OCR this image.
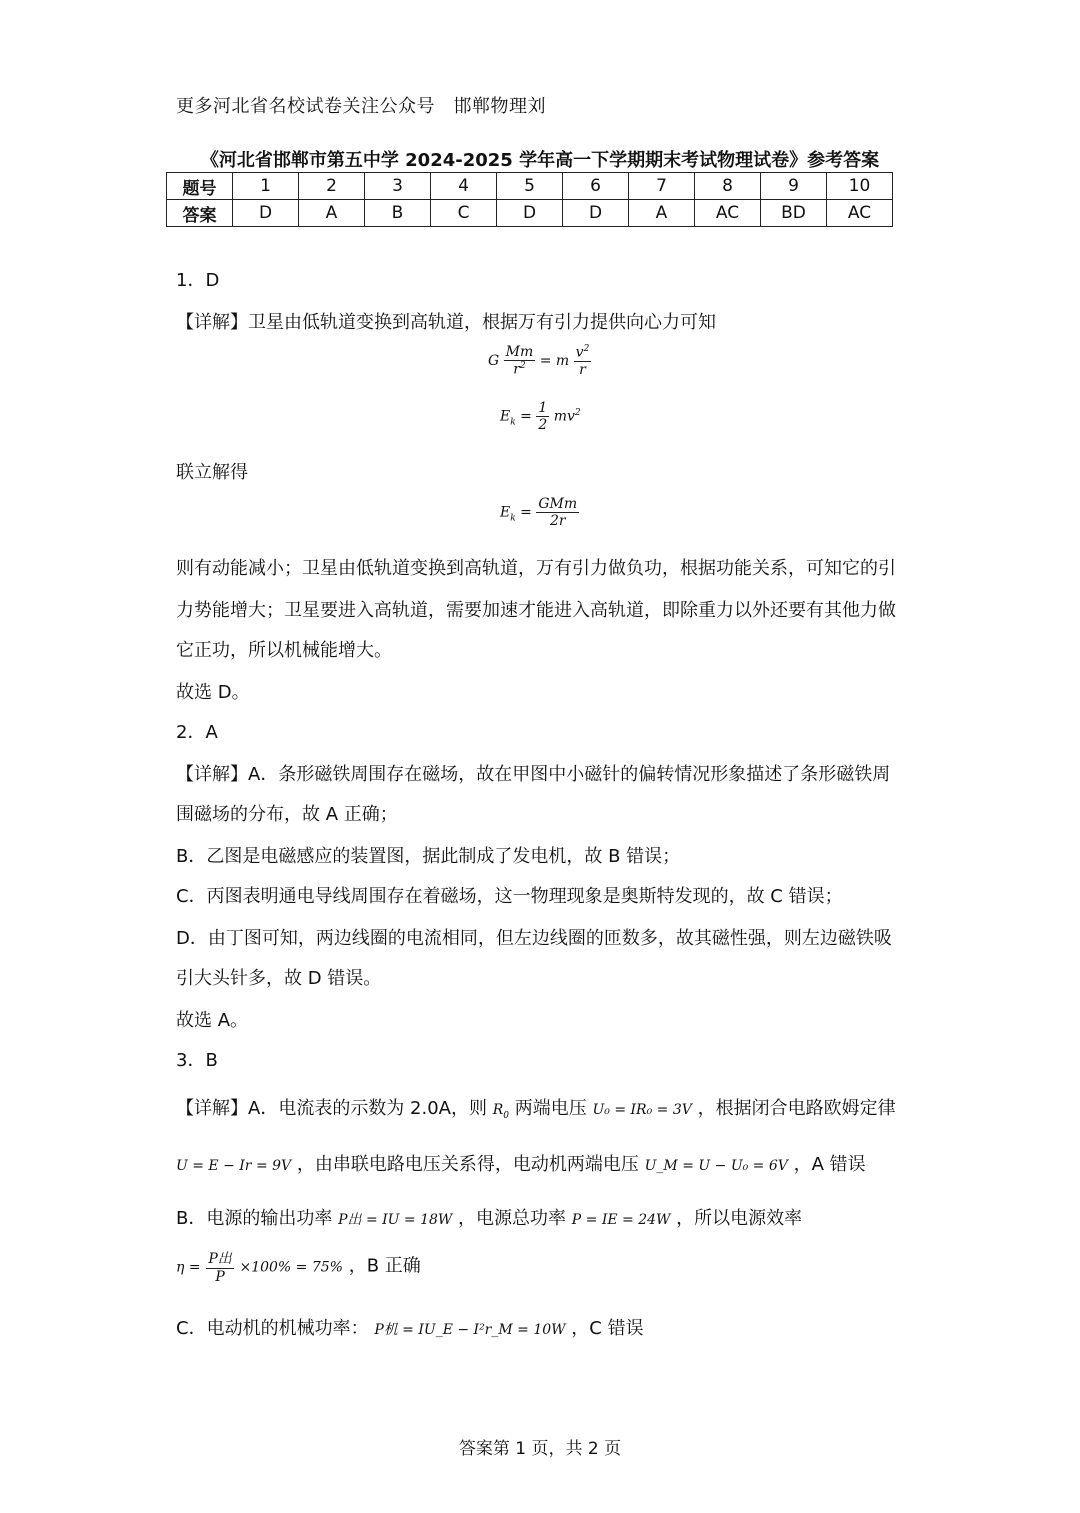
更多河北省名校试卷关注公众号　邯郸物理刘
《河北省邯郸市第五中学 2024-2025 学年高一下学期期末考试物理试卷》参考答案
题号	1	2	3	4	5	6	7	8	9	10
答案	D	A	B	C	D	D	A	AC	BD	AC
1．D
【详解】卫星由低轨道变换到高轨道，根据万有引力提供向心力可知
G $\frac{Mm}{r^2} = m \frac{v^2}{r}$
$E_k = \frac{1}{2} mv^2$
联立解得
$E_k = \frac{\text{GMm}}{2r}$
则有动能减小；卫星由低轨道变换到高轨道，万有引力做负功，根据功能关系，可知它的引
力势能增大；卫星要进入高轨道，需要加速才能进入高轨道，即除重力以外还要有其他力做
它正功，所以机械能增大。
故选 D。
2．A
【详解】A．条形磁铁周围存在磁场，故在甲图中小磁针的偏转情况形象描述了条形磁铁周
围磁场的分布，故 A 正确；
B．乙图是电磁感应的装置图，据此制成了发电机，故 B 错误；
C．丙图表明通电导线周围存在着磁场，这一物理现象是奥斯特发现的，故 C 错误；
D．由丁图可知，两边线圈的电流相同，但左边线圈的匝数多，故其磁性强，则左边磁铁吸
引大头针多，故 D 错误。
故选 A。
3．B
【详解】A．电流表的示数为 2.0A，则 $R_0$ 两端电压 U₀ = IR₀ = 3V ，根据闭合电路欧姆定律
U = E − Ir = 9V ，由串联电路电压关系得，电动机两端电压 U_M = U − U₀ = 6V ，A 错误
B．电源的输出功率 P出 = IU = 18W ，电源总功率 P = IE = 24W ，所以电源效率
$\eta = \frac{\text{P出}}{P} \times 100\% = 75\%$ ，B 正确
C．电动机的机械功率： P机 = IU_E − I²r_M = 10W ，C 错误
答案第 1 页，共 2 页
